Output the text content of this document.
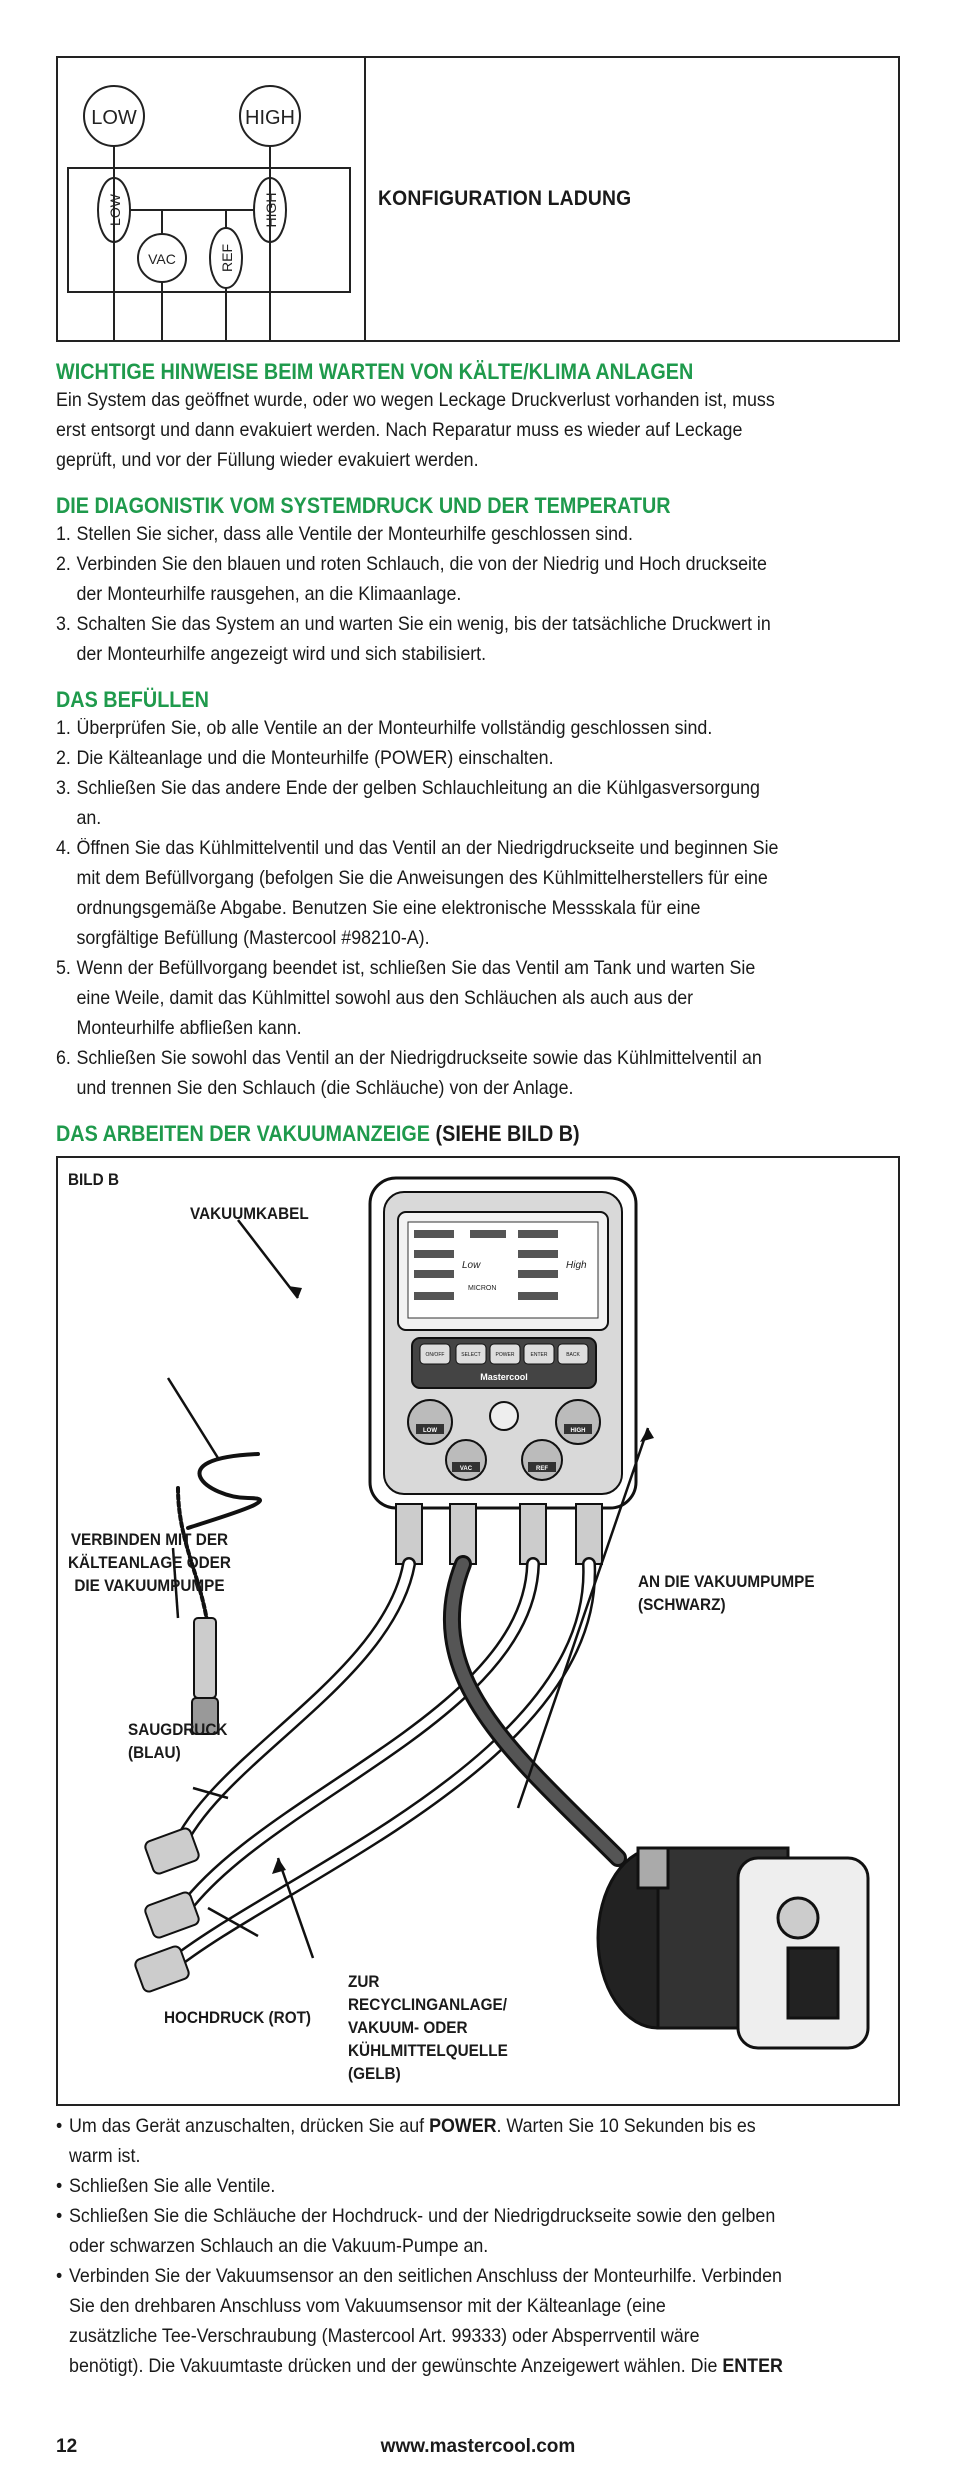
LOW	HIGH
LOW	HIGH
VAC	REF
KONFIGURATION LADUNG
WICHTIGE HINWEISE BEIM WARTEN VON KÄLTE/KLIMA ANLAGEN

Ein System das geöffnet wurde, oder wo wegen Leckage Druckverlust vorhanden ist, muss

erst entsorgt und dann evakuiert werden. Nach Reparatur muss es wieder auf Leckage

geprüft, und vor der Füllung wieder evakuiert werden.

DIE DIAGONISTIK VOM SYSTEMDRUCK UND DER TEMPERATUR
1. Stellen Sie sicher, dass alle Ventile der Monteurhilfe geschlossen sind.
2. Verbinden Sie den blauen und roten Schlauch, die von der Niedrig und Hoch druckseite
der Monteurhilfe rausgehen, an die Klimaanlage.
3. Schalten Sie das System an und warten Sie ein wenig, bis der tatsächliche Druckwert in
der Monteurhilfe angezeigt wird und sich stabilisiert.
DAS BEFÜLLEN
1. Überprüfen Sie, ob alle Ventile an der Monteurhilfe vollständig geschlossen sind.
2. Die Kälteanlage und die Monteurhilfe (POWER) einschalten.
3. Schließen Sie das andere Ende der gelben Schlauchleitung an die Kühlgasversorgung
an.
4. Öffnen Sie das Kühlmittelventil und das Ventil an der Niedrigdruckseite und beginnen Sie
mit dem Befüllvorgang (befolgen Sie die Anweisungen des Kühlmittelherstellers für eine
ordnungsgemäße Abgabe. Benutzen Sie eine elektronische Messskala für eine
sorgfältige Befüllung (Mastercool #98210-A).
5. Wenn der Befüllvorgang beendet ist, schließen Sie das Ventil am Tank und warten Sie
eine Weile, damit das Kühlmittel sowohl aus den Schläuchen als auch aus der
Monteurhilfe abfließen kann.
6. Schließen Sie sowohl das Ventil an der Niedrigdruckseite sowie das Kühlmittelventil an
und trennen Sie den Schlauch (die Schläuche) von der Anlage.
DAS ARBEITEN DER VAKUUMANZEIGE (SIEHE BILD B)
Low	High
MICRON
ON/OFF	SELECT	POWER	ENTER	BACK
Mastercool
LOW	HIGH
VAC	REF
BILD B
VAKUUMKABEL
VERBINDEN MIT DER
KÄLTEANLAGE ODER
DIE VAKUUMPUMPE	AN DIE VAKUUMPUMPE
(SCHWARZ)
SAUGDRUCK
(BLAU)
HOCHDRUCK (ROT)
ZUR
RECYCLINGANLAGE/
VAKUUM- ODER
KÜHLMITTELQUELLE
(GELB)
• Um das Gerät anzuschalten, drücken Sie auf POWER. Warten Sie 10 Sekunden bis es
warm ist.
• Schließen Sie alle Ventile.
• Schließen Sie die Schläuche der Hochdruck- und der Niedrigdruckseite sowie den gelben
oder schwarzen Schlauch an die Vakuum-Pumpe an.
• Verbinden Sie der Vakuumsensor an den seitlichen Anschluss der Monteurhilfe. Verbinden
Sie den drehbaren Anschluss vom Vakuumsensor mit der Kälteanlage (eine
zusätzliche Tee-Verschraubung (Mastercool Art. 99333) oder Absperrventil wäre
benötigt). Die Vakuumtaste drücken und der gewünschte Anzeigewert wählen. Die ENTER
www.mastercool.com
12
